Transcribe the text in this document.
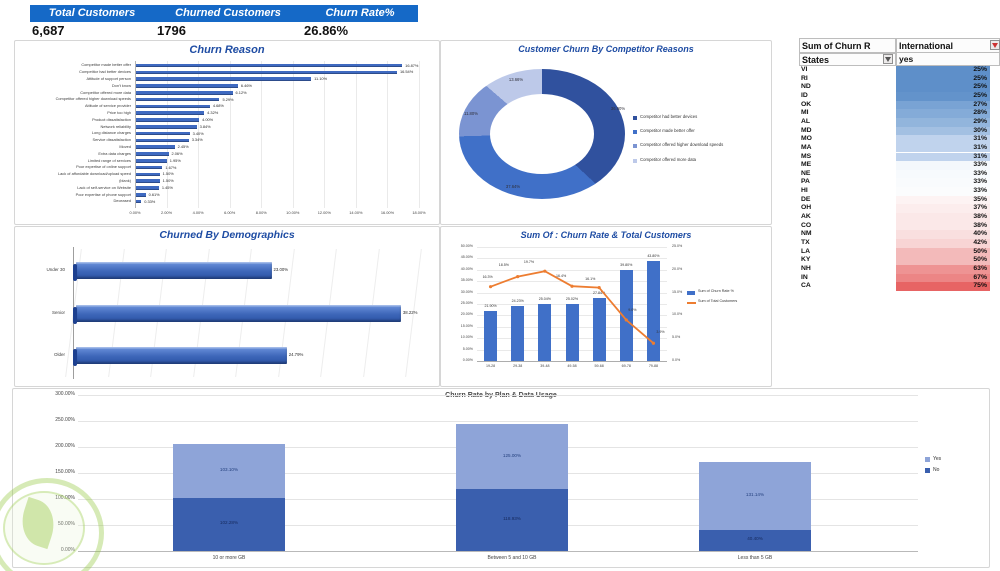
Total Customers	Churned Customers	Churn Rate%
6,687	1796	26.86%
Churn Reason
0.00%	2.00%	4.00%	6.00%	8.00%	10.00%	12.00%	14.00%	16.00%	18.00%
Competitor made better offer	16.87%
Competitor had better devices	16.54%
Attitude of support person	11.10%
Don't know	6.46%
Competitor offered more data	6.12%
Competitor offered higher download speeds	5.29%
Attitude of service provider	4.68%
Price too high	4.32%
Product dissatisfaction	4.00%
Network reliability	3.84%
Long distance charges	3.40%
Service dissatisfaction	3.34%
Moved	2.45%
Extra data charges	2.06%
Limited range of services	1.95%
Poor expertise of online support	1.67%
Lack of affordable download/upload speed	1.50%
(blank)	1.50%
Lack of self-service on Website	1.45%
Poor expertise of phone support	0.61%
Deceased	0.33%
Customer Churn By Competitor Reasons
36.90%
37.64%
11.80%
13.66%
Competitor had better devices
Competitor made better offer
Competitor offered higher download speeds
Competitor offered more data
Churned By Demographics
Under 30	23.00%
Senior	38.22%
Older	24.79%
Sum Of : Churn Rate & Total Customers
0.00%
5.00%
10.00%
15.00%
20.00%
25.00%
30.00%
35.00%
40.00%
45.00%
50.00%
0.0%
5.0%
10.0%
15.0%
20.0%
25.0%
19-28
21.90%
29-38
24.23%
39-48
25.04%
49-58
25.02%
59-68
27.84%
69-78
39.80%
79-88
43.80%
16.3%
18.5%
19.7%
16.4%
16.1%
9.0%
3.9%
Sum of Churn Rate %
Sum of Total Customers
Sum of Churn R	International
States	yes
VI	25%
RI	25%
ND	25%
ID	25%
OK	27%
MI	28%
AL	29%
MD	30%
MO	31%
MA	31%
MS	31%
ME	33%
NE	33%
PA	33%
HI	33%
DE	35%
OH	37%
AK	38%
CO	38%
NM	40%
TX	42%
LA	50%
KY	50%
NH	63%
IN	67%
CA	75%
0.00%
50.00%
100.00%
150.00%
200.00%
250.00%
300.00%
102.28%
103.10%
10 or more GB
118.93%
125.00%
Between 5 and 10 GB
40.40%
131.14%
Less than 5 GB
Yes
No
